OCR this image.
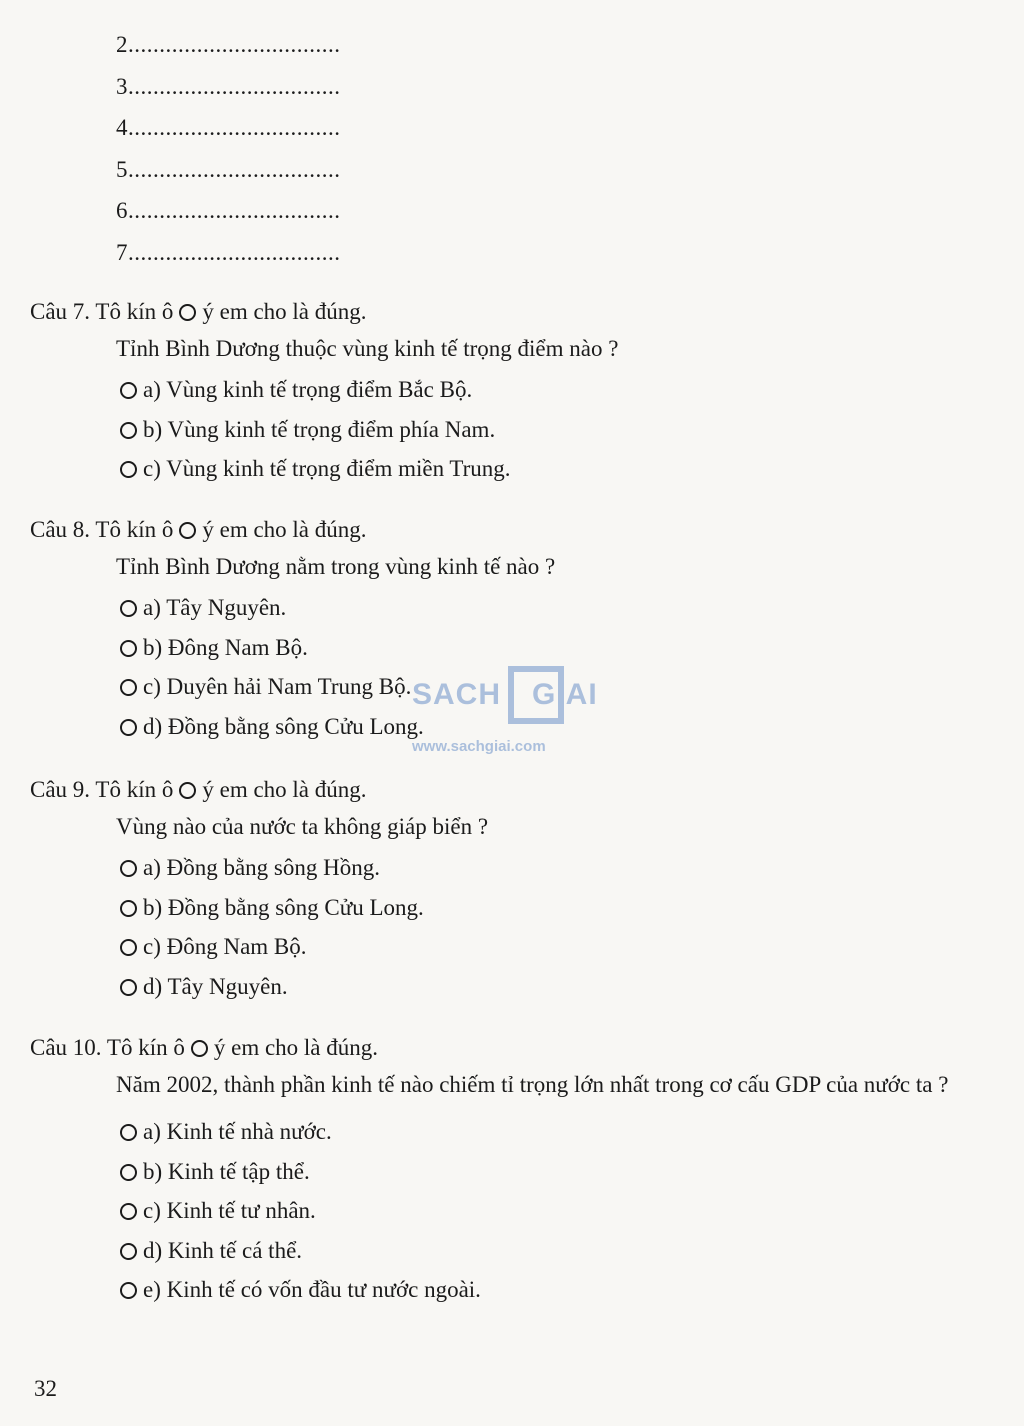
2..................................
3..................................
4..................................
5..................................
6..................................
7..................................
Câu 7. Tô kín ô ý em cho là đúng.
Tỉnh Bình Dương thuộc vùng kinh tế trọng điểm nào ?
a) Vùng kinh tế trọng điểm Bắc Bộ.
b) Vùng kinh tế trọng điểm phía Nam.
c) Vùng kinh tế trọng điểm miền Trung.
Câu 8. Tô kín ô ý em cho là đúng.
Tỉnh Bình Dương nằm trong vùng kinh tế nào ?
a) Tây Nguyên.
b) Đông Nam Bộ.
c) Duyên hải Nam Trung Bộ.
d) Đồng bằng sông Cửu Long.
Câu 9. Tô kín ô ý em cho là đúng.
Vùng nào của nước ta không giáp biển ?
a) Đồng bằng sông Hồng.
b) Đồng bằng sông Cửu Long.
c) Đông Nam Bộ.
d) Tây Nguyên.
Câu 10. Tô kín ô ý em cho là đúng.
Năm 2002, thành phần kinh tế nào chiếm tỉ trọng lớn nhất trong cơ cấu GDP của nước ta ?
a) Kinh tế nhà nước.
b) Kinh tế tập thể.
c) Kinh tế tư nhân.
d) Kinh tế cá thể.
e) Kinh tế có vốn đầu tư nước ngoài.
SACH GIAI
www.sachgiai.com
32
